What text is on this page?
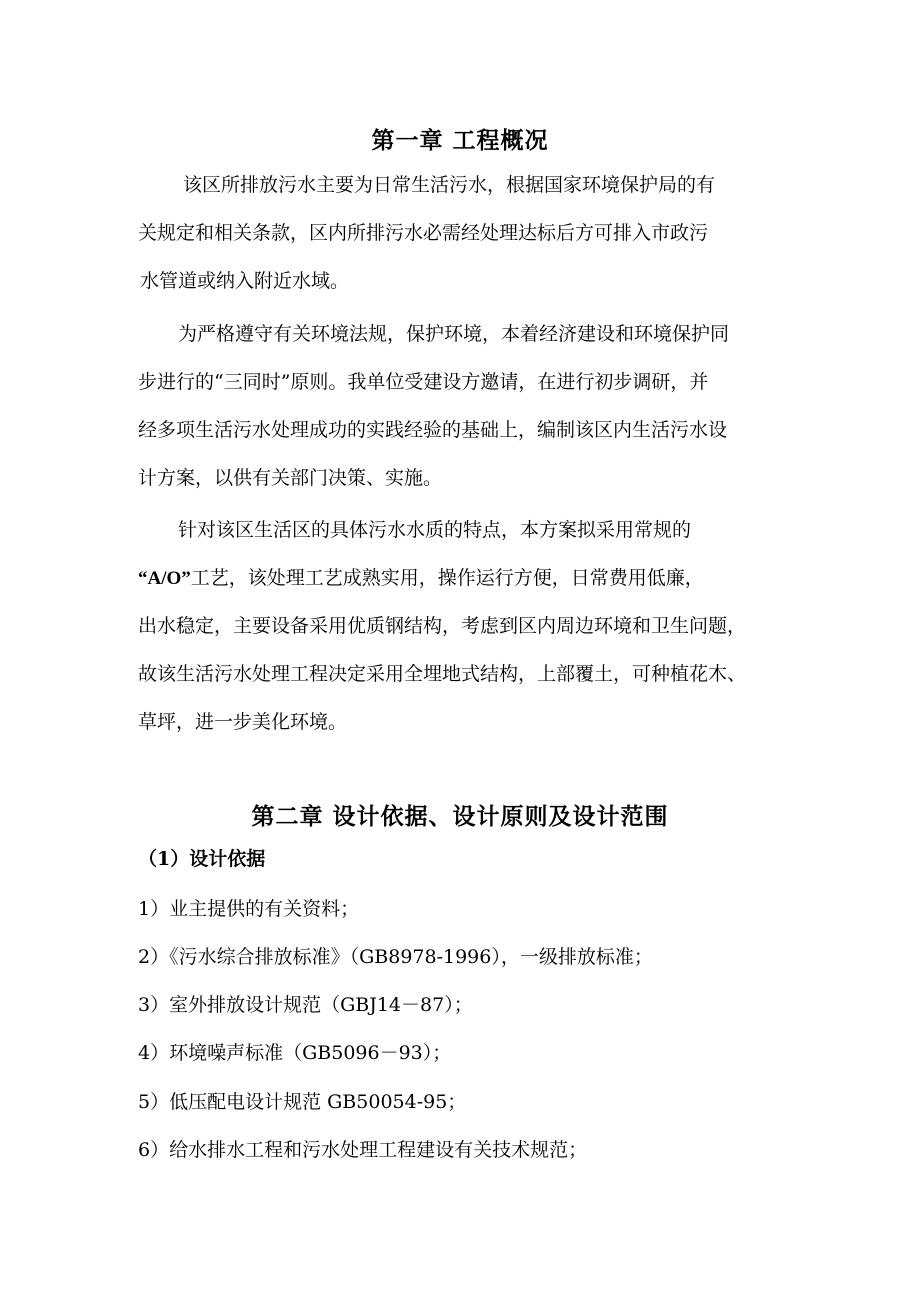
第一章 工程概况
该区所排放污水主要为日常生活污水，根据国家环境保护局的有
关规定和相关条款，区内所排污水必需经处理达标后方可排入市政污
水管道或纳入附近水域。
为严格遵守有关环境法规，保护环境，本着经济建设和环境保护同
步进行的“三同时”原则。我单位受建设方邀请，在进行初步调研，并
经多项生活污水处理成功的实践经验的基础上，编制该区内生活污水设
计方案，以供有关部门决策、实施。
针对该区生活区的具体污水水质的特点，本方案拟采用常规的
“A/O”工艺，该处理工艺成熟实用，操作运行方便，日常费用低廉，
出水稳定，主要设备采用优质钢结构，考虑到区内周边环境和卫生问题，
故该生活污水处理工程决定采用全埋地式结构，上部覆土，可种植花木、
草坪，进一步美化环境。
第二章 设计依据、设计原则及设计范围
（1）设计依据
1）业主提供的有关资料；
2）《污水综合排放标准》（GB8978-1996），一级排放标准；
3）室外排放设计规范（GBJ14－87）；
4）环境噪声标准（GB5096－93）；
5）低压配电设计规范 GB50054-95；
6）给水排水工程和污水处理工程建设有关技术规范；
